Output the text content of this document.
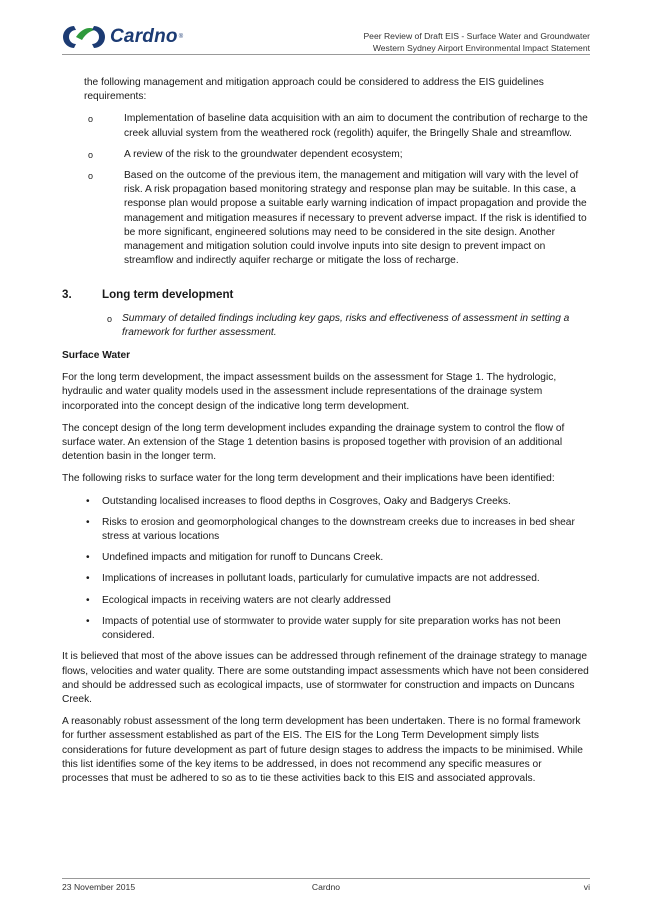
Cardno ®	Peer Review of Draft EIS - Surface Water and Groundwater
Western Sydney Airport Environmental Impact Statement

the following management and mitigation approach could be considered to address the EIS guidelines requirements:

o Implementation of baseline data acquisition with an aim to document the contribution of recharge to the creek alluvial system from the weathered rock (regolith) aquifer, the Bringelly Shale and streamflow.
o A review of the risk to the groundwater dependent ecosystem;
o Based on the outcome of the previous item, the management and mitigation will vary with the level of risk. A risk propagation based monitoring strategy and response plan may be suitable. In this case, a response plan would propose a suitable early warning indication of impact propagation and provide the management and mitigation measures if necessary to prevent adverse impact. If the risk is identified to be more significant, engineered solutions may need to be considered in the site design. Another management and mitigation solution could involve inputs into site design to prevent impact on streamflow and indirectly aquifer recharge or mitigate the loss of recharge.
3.	Long term development
o Summary of detailed findings including key gaps, risks and effectiveness of assessment in setting a framework for further assessment.
Surface Water

For the long term development, the impact assessment builds on the assessment for Stage 1. The hydrologic, hydraulic and water quality models used in the assessment include representations of the drainage system incorporated into the concept design of the indicative long term development.

The concept design of the long term development includes expanding the drainage system to control the flow of surface water. An extension of the Stage 1 detention basins is proposed together with provision of an additional detention basin in the longer term.

The following risks to surface water for the long term development and their implications have been identified:

• Outstanding localised increases to flood depths in Cosgroves, Oaky and Badgerys Creeks.
• Risks to erosion and geomorphological changes to the downstream creeks due to increases in bed shear stress at various locations
• Undefined impacts and mitigation for runoff to Duncans Creek.
• Implications of increases in pollutant loads, particularly for cumulative impacts are not addressed.
• Ecological impacts in receiving waters are not clearly addressed
• Impacts of potential use of stormwater to provide water supply for site preparation works has not been considered.

It is believed that most of the above issues can be addressed through refinement of the drainage strategy to manage flows, velocities and water quality. There are some outstanding impact assessments which have not been considered and should be addressed such as ecological impacts, use of stormwater for construction and impacts on Duncans Creek.

A reasonably robust assessment of the long term development has been undertaken. There is no formal framework for further assessment established as part of the EIS. The EIS for the Long Term Development simply lists considerations for future development as part of future design stages to address the impacts to be minimised. While this list identifies some of the key items to be addressed, in does not recommend any specific measures or processes that must be adhered to so as to tie these activities back to this EIS and associated approvals.

23 November 2015	Cardno	vi
